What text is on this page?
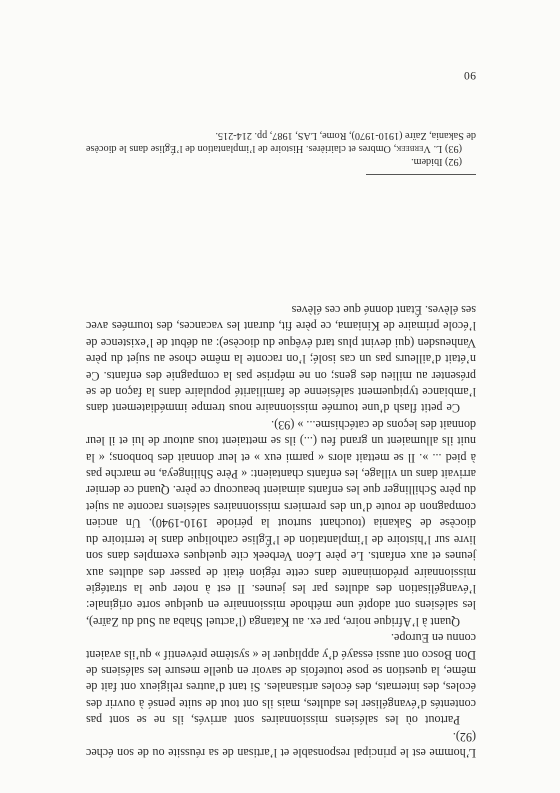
L’homme est le principal responsable et l’artisan de sa réussite ou de son échec (92).

Partout où les salésiens missionnaires sont arrivés, ils ne se sont pas contentés d’évangéliser les adultes, mais ils ont tout de suite pensé à ouvrir des écoles, des internats, des écoles artisanales. Si tant d’autres religieux ont fait de même, la question se pose toutefois de savoir en quelle mesure les salésiens de Don Bosco ont aussi essayé d’y appliquer le « système préventif » qu’ils avaient connu en Europe.

Quant à l’Afrique noire, par ex. au Katanga (l’actuel Shaba au Sud du Zaïre), les salésiens ont adopté une méthode missionnaire en quelque sorte originale: l’évangélisation des adultes par les jeunes. Il est à noter que la stratégie missionnaire prédominante dans cette région était de passer des adultes aux jeunes et aux enfants. Le père Léon Verbeek cite quelques exemples dans son livre sur l’histoire de l’implantation de l’Église catholique dans le territoire du diocèse de Sakania (touchant surtout la période 1910-1940). Un ancien compagnon de route d’un des premiers missionnaires salésiens raconte au sujet du père Schillinger que les enfants aimaient beaucoup ce père. Quand ce dernier arrivait dans un village, les enfants chantaient: « Père Shilingeya, ne marche pas à pied ... ». Il se mettait alors « parmi eux » et leur donnait des bonbons; « la nuit ils allumaient un grand feu (...) ils se mettaient tous autour de lui et il leur donnait des leçons de catéchisme... » (93).

Ce petit flash d’une tournée missionnaire nous trempe immédiatement dans l’ambiance typiquement salésienne de familiarité populaire dans la façon de se présenter au milieu des gens; on ne méprise pas la compagnie des enfants. Ce n’était d’ailleurs pas un cas isolé; l’on raconte la même chose au sujet du père Vanheusden (qui devint plus tard évêque du diocèse): au début de l’existence de l’école primaire de Kiniama, ce père fit, durant les vacances, des tournées avec ses élèves. Étant donné que ces élèves

(92) Ibidem.

(93) L. Verbeek, Ombres et clairières. Histoire de l’implantation de l’Église dans le diocèse de Sakania, Zaïre (1910-1970), Rome, LAS, 1987, pp. 214-215.

90
